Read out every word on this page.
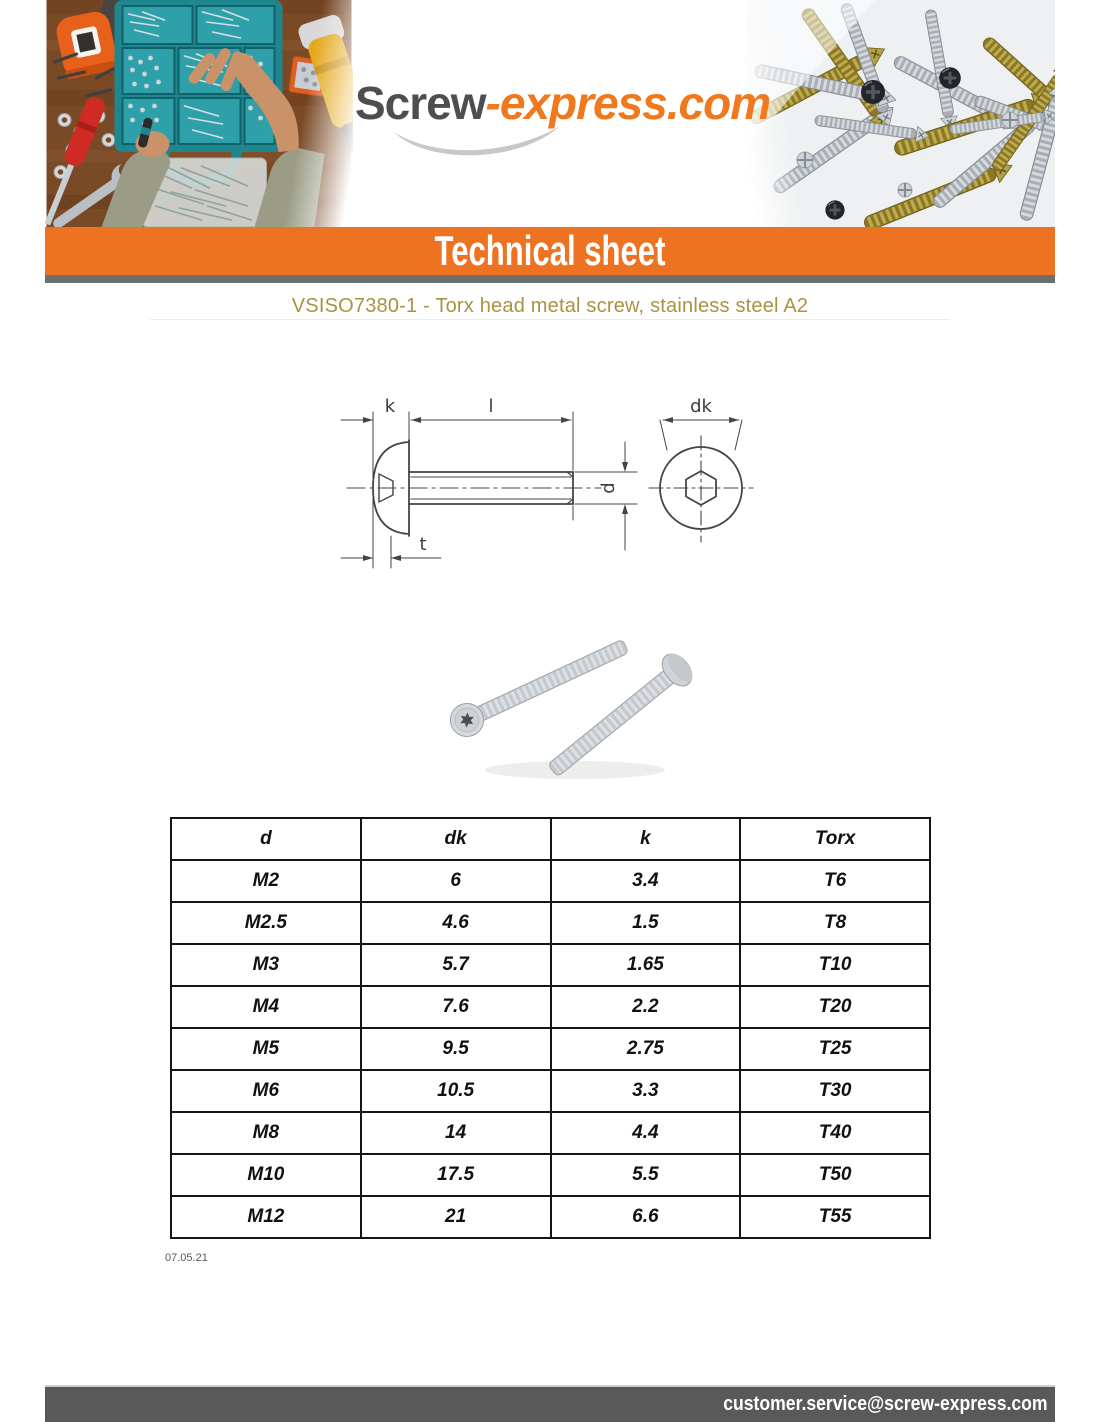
Screw-express.com
Technical sheet
VSISO7380-1 - Torx head metal screw, stainless steel A2
k	l
t
d
dk
d	dk	k	Torx
M2	6	3.4	T6
M2.5	4.6	1.5	T8
M3	5.7	1.65	T10
M4	7.6	2.2	T20
M5	9.5	2.75	T25
M6	10.5	3.3	T30
M8	14	4.4	T40
M10	17.5	5.5	T50
M12	21	6.6	T55
07.05.21
customer.service@screw-express.com
